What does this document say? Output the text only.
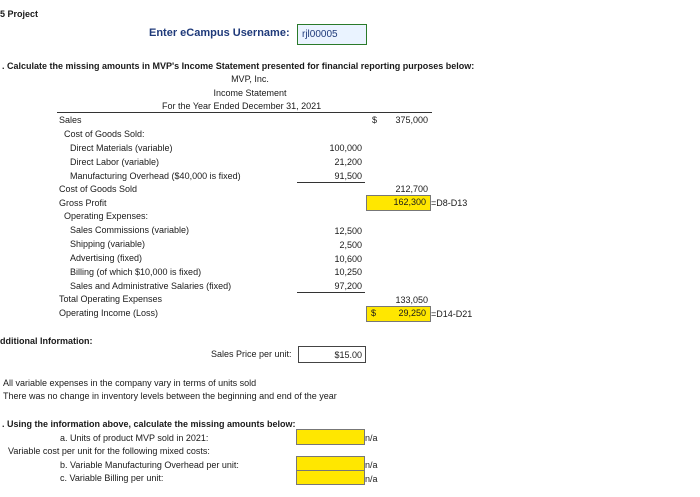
5 Project
Enter eCampus Username: rjl00005
. Calculate the missing amounts in MVP's Income Statement presented for financial reporting purposes below:
MVP, Inc.
Income Statement
For the Year Ended December 31, 2021
Sales	$	375,000
Cost of Goods Sold:
Direct Materials (variable)	100,000
Direct Labor (variable)	21,200
Manufacturing Overhead ($40,000 is fixed)	91,500
Cost of Goods Sold	212,700
Gross Profit	162,300 =D8-D13
Operating Expenses:
Sales Commissions (variable)	12,500
Shipping (variable)	2,500
Advertising (fixed)	10,600
Billing (of which $10,000 is fixed)	10,250
Sales and Administrative Salaries (fixed)	97,200
Total Operating Expenses	133,050
Operating Income (Loss)	$	29,250 =D14-D21
dditional Information:
Sales Price per unit:	$15.00
All variable expenses in the company vary in terms of units sold
There was no change in inventory levels between the beginning and end of the year
. Using the information above, calculate the missing amounts below:
a. Units of product MVP sold in 2021:	n/a
Variable cost per unit for the following mixed costs:
b. Variable Manufacturing Overhead per unit:	n/a
c. Variable Billing per unit:	n/a
